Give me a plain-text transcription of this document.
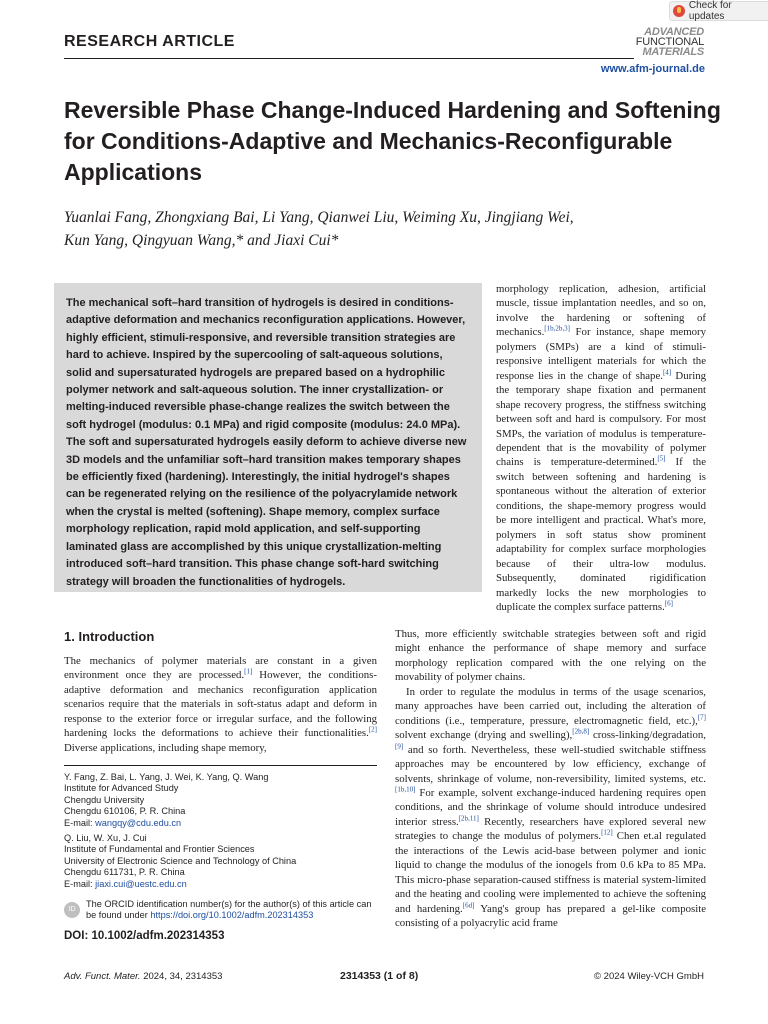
Check for updates
RESEARCH ARTICLE
ADVANCED
FUNCTIONAL
MATERIALS
www.afm-journal.de
Reversible Phase Change-Induced Hardening and Softening for Conditions-Adaptive and Mechanics-Reconfigurable Applications
Yuanlai Fang, Zhongxiang Bai, Li Yang, Qianwei Liu, Weiming Xu, Jingjiang Wei,
Kun Yang, Qingyuan Wang,* and Jiaxi Cui*

The mechanical soft–hard transition of hydrogels is desired in conditions-adaptive deformation and mechanics reconfiguration applications. However, highly efficient, stimuli-responsive, and reversible transition strategies are hard to achieve. Inspired by the supercooling of salt-aqueous solutions, solid and supersaturated hydrogels are prepared based on a hydrophilic polymer network and salt-aqueous solution. The inner crystallization- or melting-induced reversible phase-change realizes the switch between the soft hydrogel (modulus: 0.1 MPa) and rigid composite (modulus: 24.0 MPa). The soft and supersaturated hydrogels easily deform to achieve diverse new 3D models and the unfamiliar soft–hard transition makes temporary shapes be efficiently fixed (hardening). Interestingly, the initial hydrogel's shapes can be regenerated relying on the resilience of the polyacrylamide network when the crystal is melted (softening). Shape memory, complex surface morphology replication, rapid mold application, and self-supporting laminated glass are accomplished by this unique crystallization-melting introduced soft–hard transition. This phase change soft-hard switching strategy will broaden the functionalities of hydrogels.

morphology replication, adhesion, artificial muscle, tissue implantation needles, and so on, involve the hardening or softening of mechanics.[1b,2b,3] For instance, shape memory polymers (SMPs) are a kind of stimuli-responsive intelligent materials for which the response lies in the change of shape.[4] During the temporary shape fixation and permanent shape recovery progress, the stiffness switching between soft and hard is compulsory. For most SMPs, the variation of modulus is temperature-dependent that is the movability of polymer chains is temperature-determined.[5] If the switch between softening and hardening is spontaneous without the alteration of exterior conditions, the shape-memory progress would be more intelligent and practical. What's more, polymers in soft status show prominent adaptability for complex surface morphologies because of their ultra-low modulus. Subsequently, dominated rigidification markedly locks the new morphologies to duplicate the complex surface patterns.[6]

Thus, more efficiently switchable strategies between soft and rigid might enhance the performance of shape memory and surface morphology replication compared with the one relying on the movability of polymer chains.

In order to regulate the modulus in terms of the usage scenarios, many approaches have been carried out, including the alteration of conditions (i.e., temperature, pressure, electromagnetic field, etc.),[7] solvent exchange (drying and swelling),[2b,8] cross-linking/degradation,[9] and so forth. Nevertheless, these well-studied switchable stiffness approaches may be encountered by low efficiency, exchange of solvents, shrinkage of volume, non-reversibility, limited systems, etc.[1b,10] For example, solvent exchange-induced hardening requires open conditions, and the shrinkage of volume should introduce undesired interior stress.[2b,11] Recently, researchers have explored several new strategies to change the modulus of polymers.[12] Chen et.al regulated the interactions of the Lewis acid-base between polymer and ionic liquid to change the modulus of the ionogels from 0.6 kPa to 85 MPa. This micro-phase separation-caused stiffness is material system-limited and the heating and cooling were implemented to achieve the softening and hardening.[6d] Yang's group has prepared a gel-like composite consisting of a polyacrylic acid frame

1. Introduction

The mechanics of polymer materials are constant in a given environment once they are processed.[1] However, the conditions-adaptive deformation and mechanics reconfiguration application scenarios require that the materials in soft-status adapt and deform in response to the exterior force or irregular surface, and the following hardening locks the deformations to achieve their functionalities.[2] Diverse applications, including shape memory,

Y. Fang, Z. Bai, L. Yang, J. Wei, K. Yang, Q. Wang
Institute for Advanced Study
Chengdu University
Chengdu 610106, P. R. China
E-mail: wangqy@cdu.edu.cn
Q. Liu, W. Xu, J. Cui
Institute of Fundamental and Frontier Sciences
University of Electronic Science and Technology of China
Chengdu 611731, P. R. China
E-mail: jiaxi.cui@uestc.edu.cn
ID
The ORCID identification number(s) for the author(s) of this article can be found under https://doi.org/10.1002/adfm.202314353
DOI: 10.1002/adfm.202314353
Adv. Funct. Mater. 2024, 34, 2314353	2314353 (1 of 8)	© 2024 Wiley-VCH GmbH
